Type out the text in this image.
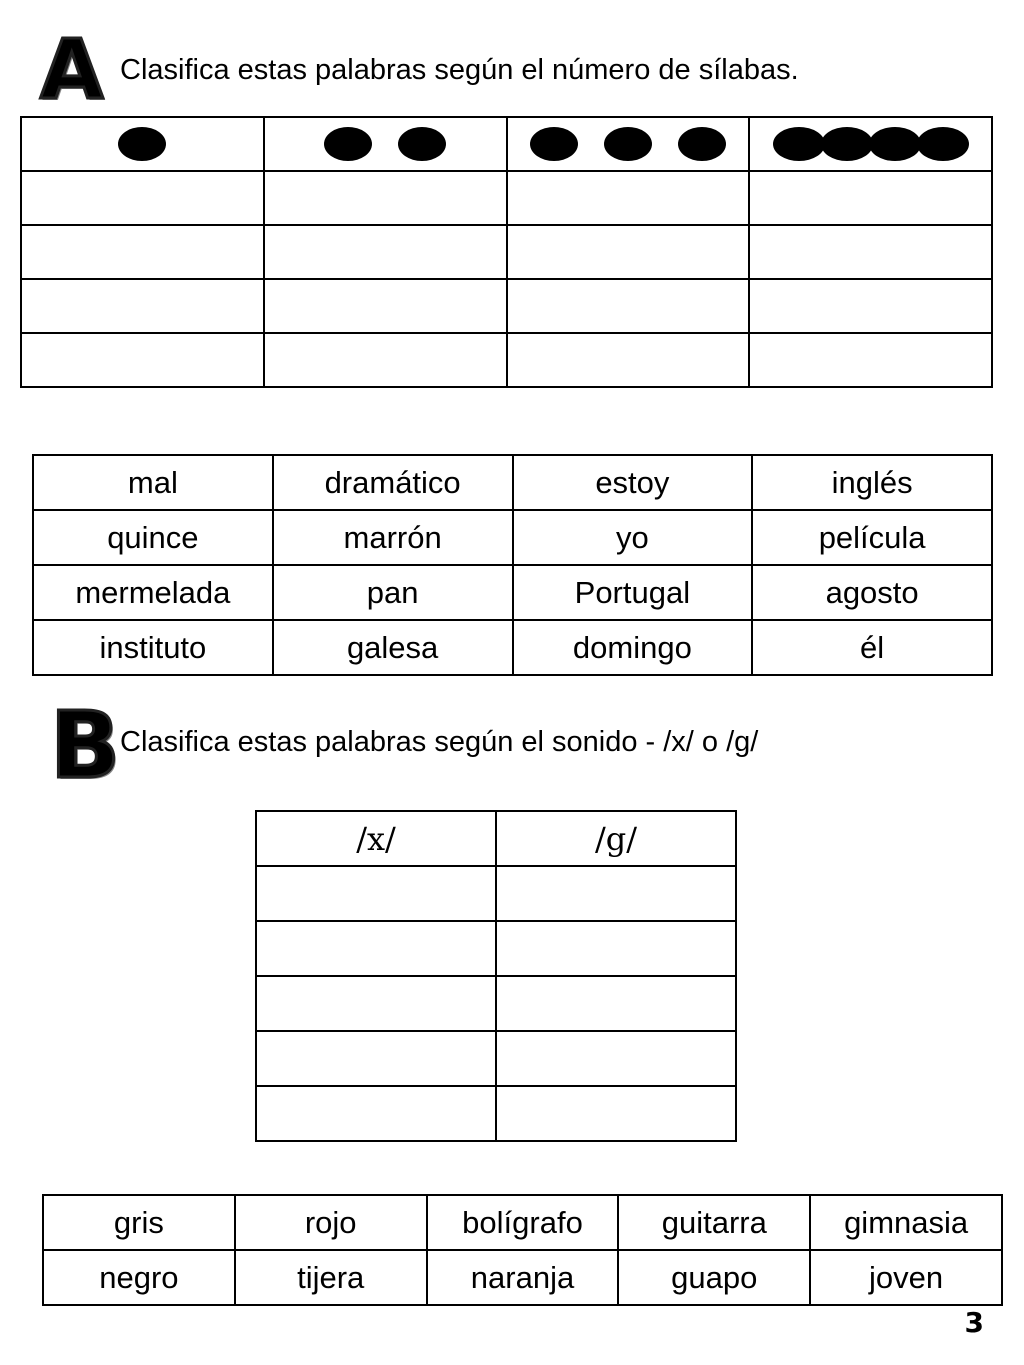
A Clasifica estas palabras según el número de sílabas.

mal	dramático	estoy	inglés
quince	marrón	yo	película
mermelada	pan	Portugal	agosto
instituto	galesa	domingo	él
B Clasifica estas palabras según el sonido - /x/ o /g/
/x/	/g/

gris	rojo	bolígrafo	guitarra	gimnasia
negro	tijera	naranja	guapo	joven
3
